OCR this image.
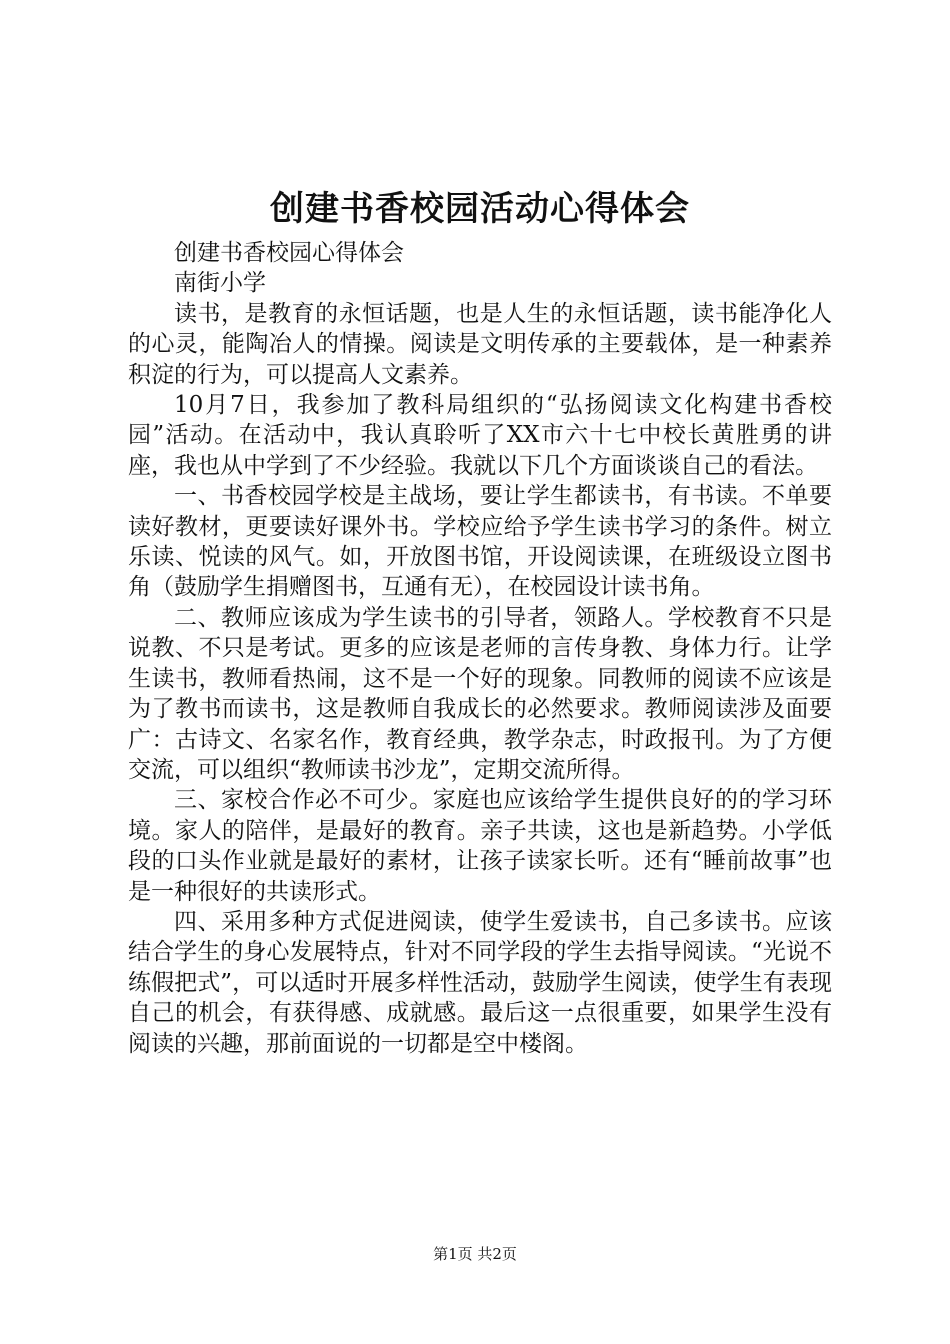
创建书香校园活动心得体会

创建书香校园心得体会

南街小学

读书，是教育的永恒话题，也是人生的永恒话题，读书能净化人的心灵，能陶冶人的情操。阅读是文明传承的主要载体，是一种素养积淀的行为，可以提高人文素养。

10月7日，我参加了教科局组织的“弘扬阅读文化构建书香校园”活动。在活动中，我认真聆听了XX市六十七中校长黄胜勇的讲座，我也从中学到了不少经验。我就以下几个方面谈谈自己的看法。

一、书香校园学校是主战场，要让学生都读书，有书读。不单要读好教材，更要读好课外书。学校应给予学生读书学习的条件。树立乐读、悦读的风气。如，开放图书馆，开设阅读课，在班级设立图书角（鼓励学生捐赠图书，互通有无），在校园设计读书角。

二、教师应该成为学生读书的引导者，领路人。学校教育不只是说教、不只是考试。更多的应该是老师的言传身教、身体力行。让学生读书，教师看热闹，这不是一个好的现象。同教师的阅读不应该是为了教书而读书，这是教师自我成长的必然要求。教师阅读涉及面要广：古诗文、名家名作，教育经典，教学杂志，时政报刊。为了方便交流，可以组织“教师读书沙龙”，定期交流所得。

三、家校合作必不可少。家庭也应该给学生提供良好的的学习环境。家人的陪伴，是最好的教育。亲子共读，这也是新趋势。小学低段的口头作业就是最好的素材，让孩子读家长听。还有“睡前故事”也是一种很好的共读形式。

四、采用多种方式促进阅读，使学生爱读书，自己多读书。应该结合学生的身心发展特点，针对不同学段的学生去指导阅读。“光说不练假把式”，可以适时开展多样性活动，鼓励学生阅读，使学生有表现自己的机会，有获得感、成就感。最后这一点很重要，如果学生没有阅读的兴趣，那前面说的一切都是空中楼阁。

第1页 共2页
